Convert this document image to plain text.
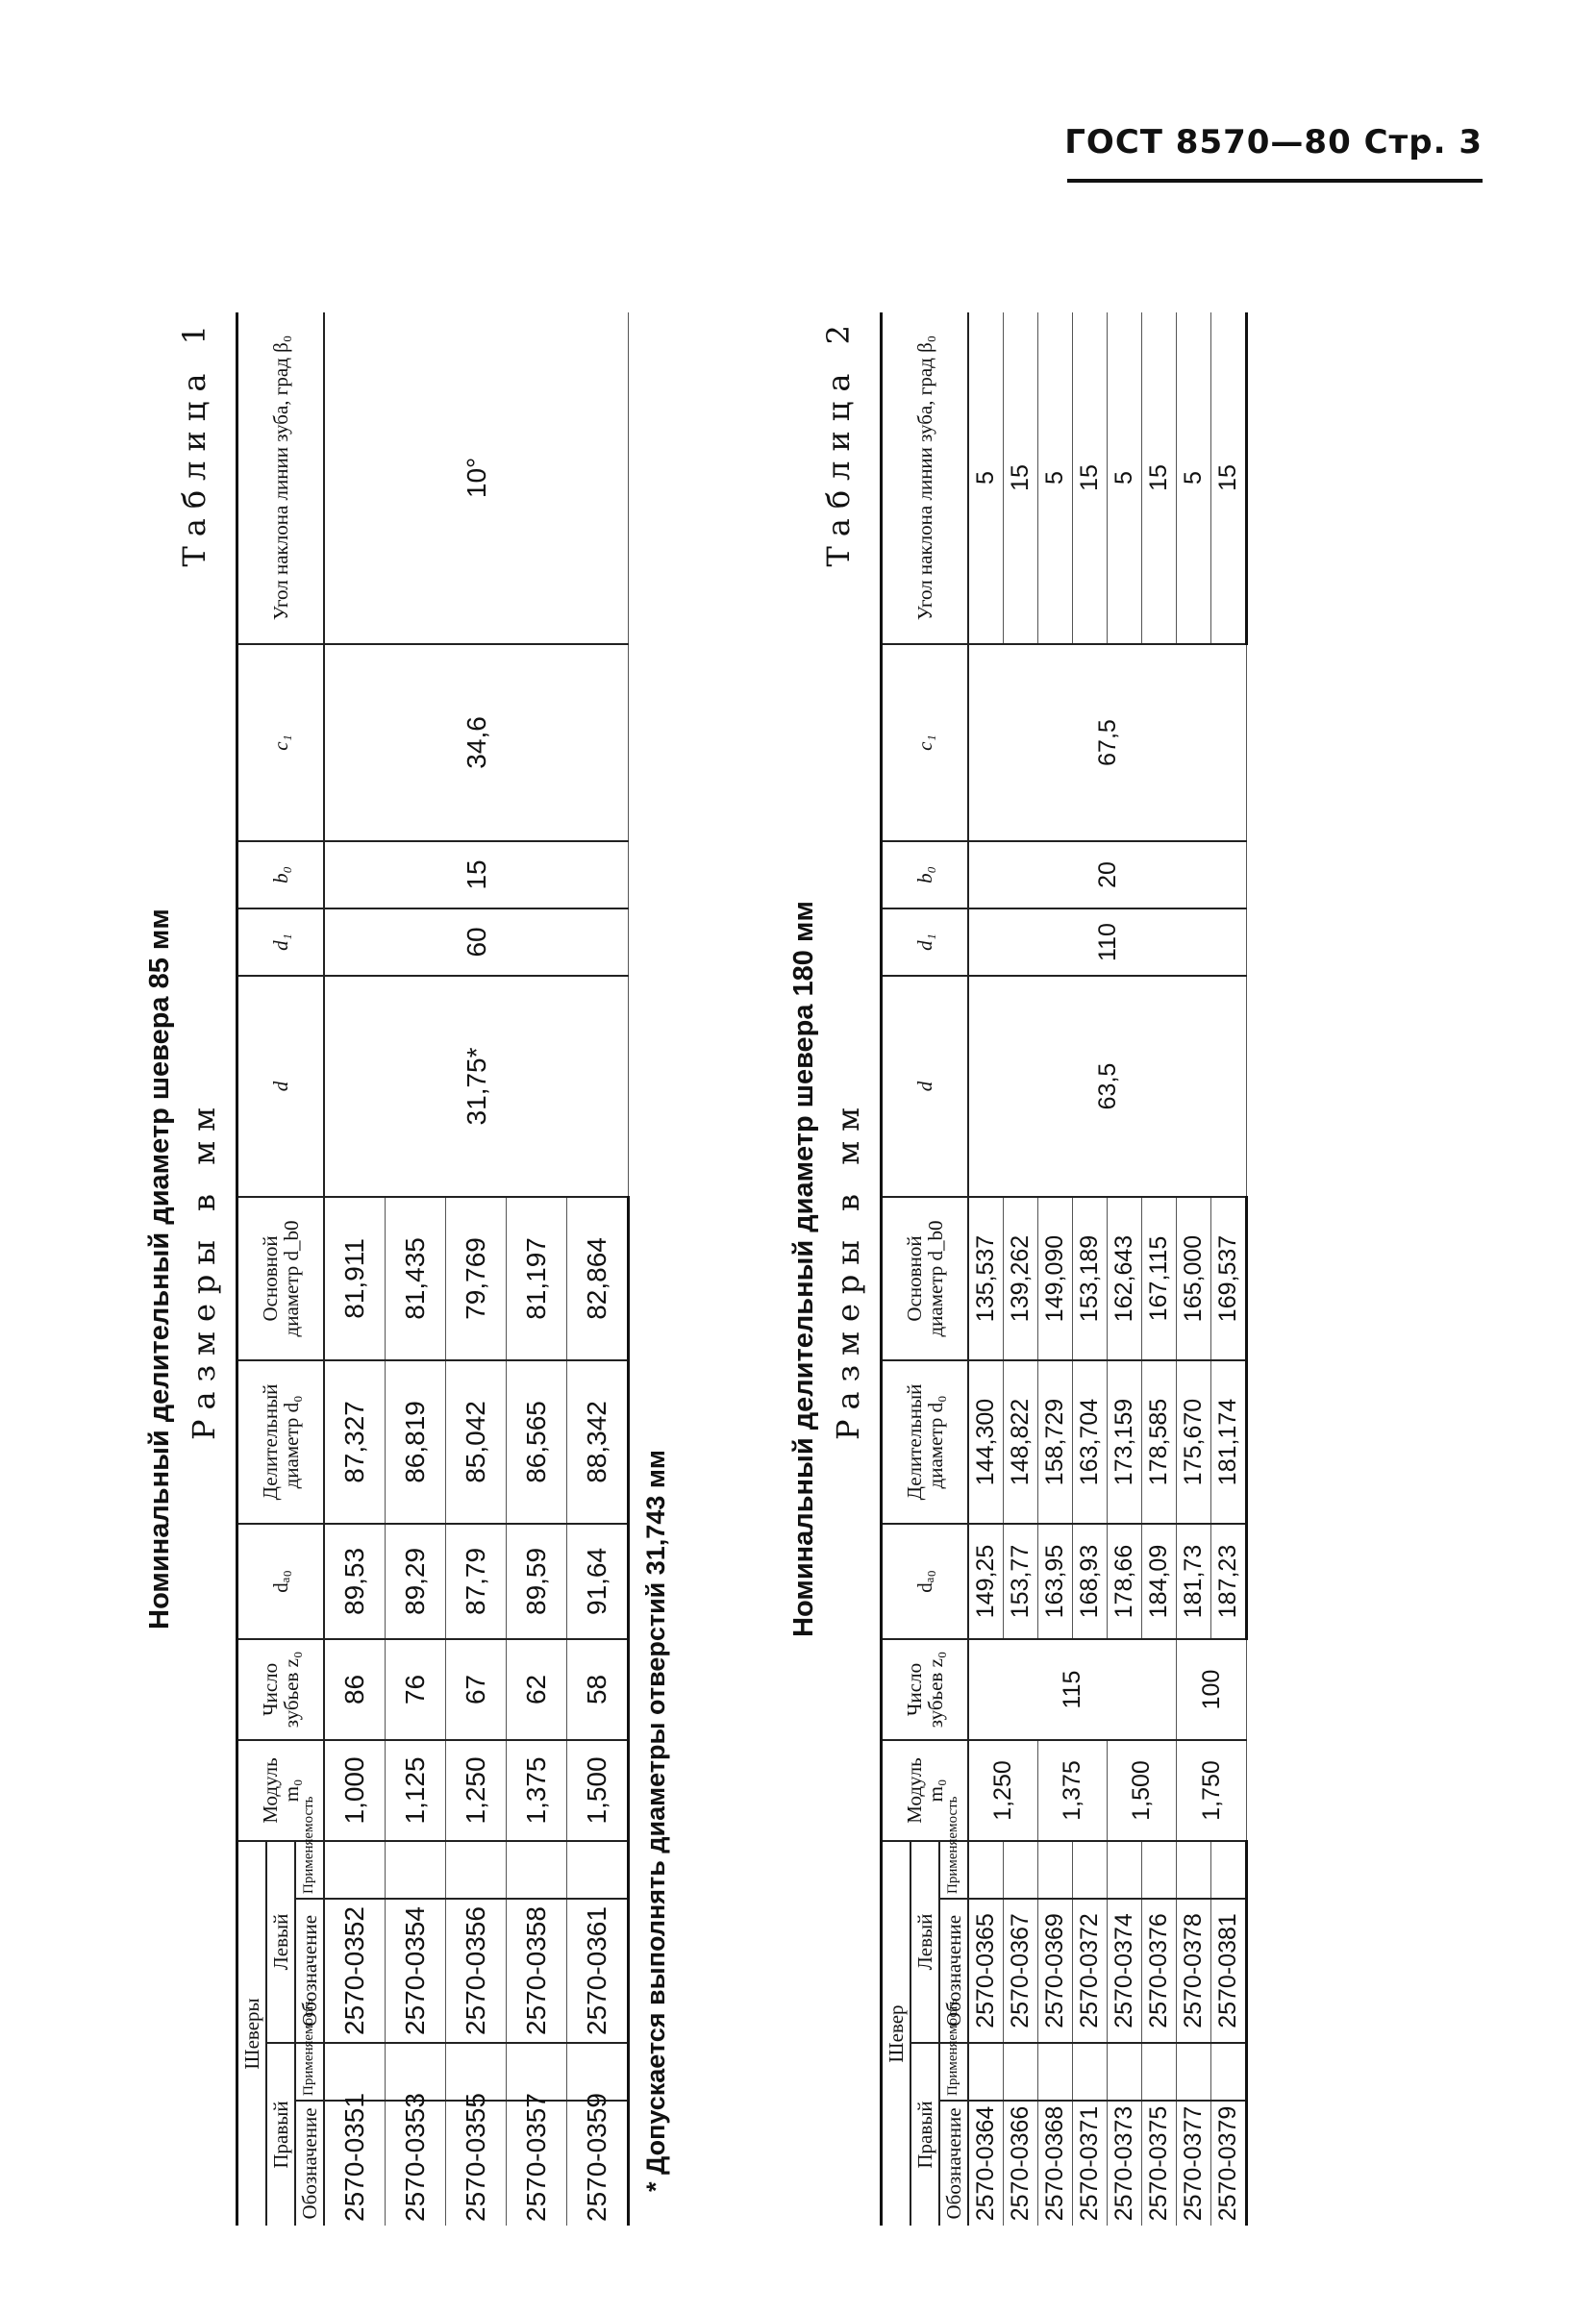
ГОСТ 8570—80 Стр. 3
Номинальный делительный диаметр шевера 85 мм Размеры в мм
Таблица 1
Шеверы				Модуль m₀	Число зубьев z₀	dₐ₀	Делительный диаметр d₀	Основной диаметр d_b0	d	d₁	b₀	c₁	Угол наклона линии зуба, град β₀
Правый		Левый											
Обозначение	Применяемость	Обозначение	Применяемость										
2570-0351		2570-0352		1,000	86	89,53	87,327	81,911	31,75*	60	15	34,6	10°
2570-0353		2570-0354		1,125	76	89,29	86,819	81,435					
2570-0355		2570-0356		1,250	67	87,79	85,042	79,769					
2570-0357		2570-0358		1,375	62	89,59	86,565	81,197					
2570-0359		2570-0361		1,500	58	91,64	88,342	82,864					
* Допускается выполнять диаметры отверстий 31,743 мм
Номинальный делительный диаметр шевера 180 мм Размеры в мм
Таблица 2
Шевер				Модуль m₀	Число зубьев z₀	dₐ₀	Делительный диаметр d₀	Основной диаметр d_b0	d	d₁	b₀	c₁	Угол наклона линии зуба, град β₀
Правый		Левый											
Обозначение	Применяемость	Обозначение	Применяемость										
2570-0364		2570-0365		1,250	115	149,25	144,300	135,537	63,5	110	20	67,5	5
2570-0366		2570-0367				153,77	148,822	139,262					15
2570-0368		2570-0369		1,375		163,95	158,729	149,090					5
2570-0371		2570-0372				168,93	163,704	153,189					15
2570-0373		2570-0374		1,500		178,66	173,159	162,643					5
2570-0375		2570-0376				184,09	178,585	167,115					15
2570-0377		2570-0378		1,750	100	181,73	175,670	165,000					5
2570-0379		2570-0381				187,23	181,174	169,537					15
